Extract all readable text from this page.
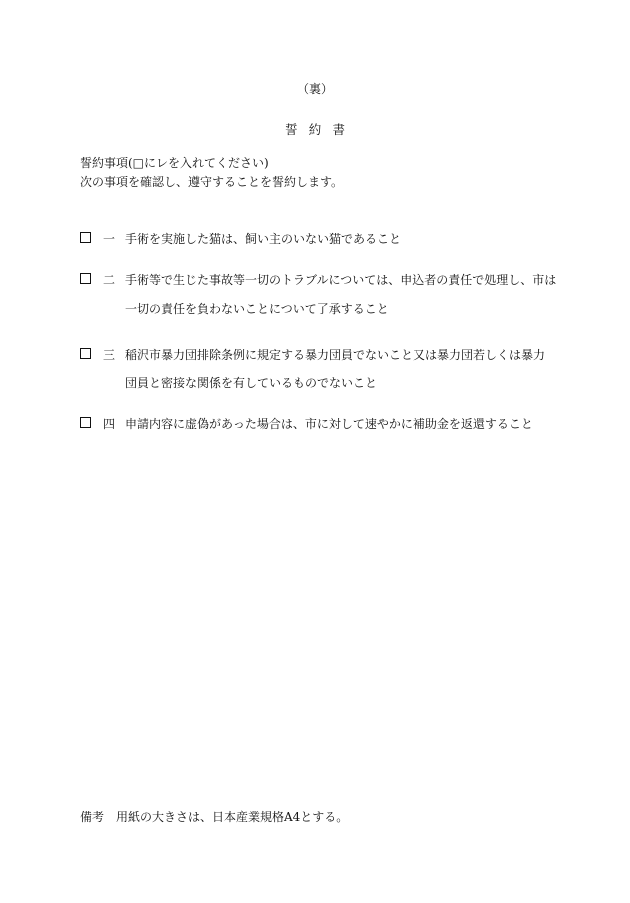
（裏）
誓約書
誓約事項(□にレを入れてください)
次の事項を確認し、遵守することを誓約します。
一 手術を実施した猫は、飼い主のいない猫であること
二 手術等で生じた事故等一切のトラブルについては、申込者の責任で処理し、市は
一切の責任を負わないことについて了承すること
三 稲沢市暴力団排除条例に規定する暴力団員でないこと又は暴力団若しくは暴力
団員と密接な関係を有しているものでないこと
四 申請内容に虚偽があった場合は、市に対して速やかに補助金を返還すること
備考　用紙の大きさは、日本産業規格A4とする。
